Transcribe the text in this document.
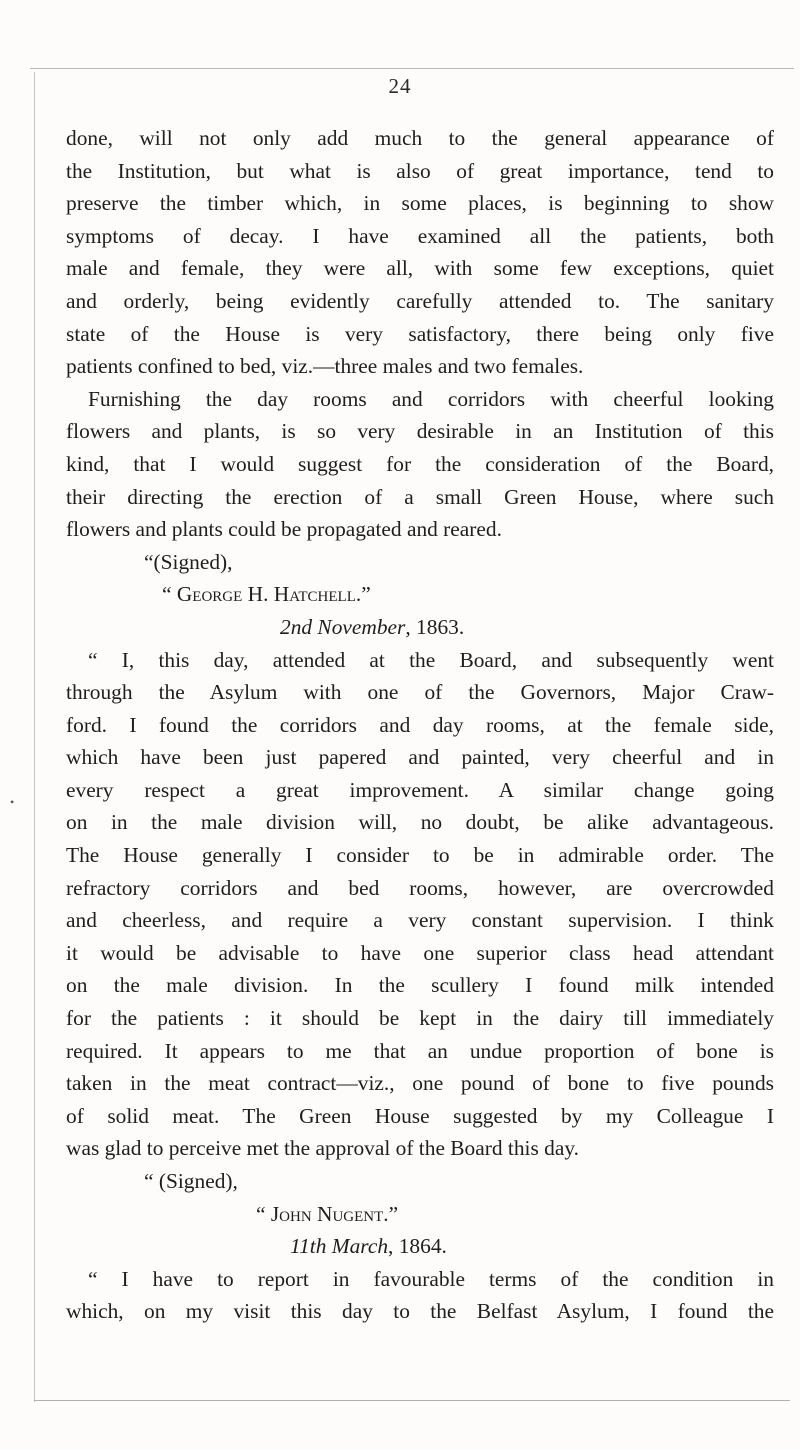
24
•
done, will not only add much to the general appearance of
the Institution, but what is also of great importance, tend to
preserve the timber which, in some places, is beginning to show
symptoms of decay. I have examined all the patients, both
male and female, they were all, with some few exceptions, quiet
and orderly, being evidently carefully attended to. The sanitary
state of the House is very satisfactory, there being only five
patients confined to bed, viz.—three males and two females.
Furnishing the day rooms and corridors with cheerful looking
flowers and plants, is so very desirable in an Institution of this
kind, that I would suggest for the consideration of the Board,
their directing the erection of a small Green House, where such
flowers and plants could be propagated and reared.
“(Signed),
“ George H. Hatchell.”
2nd November, 1863.
“ I, this day, attended at the Board, and subsequently went
through the Asylum with one of the Governors, Major Craw-
ford. I found the corridors and day rooms, at the female side,
which have been just papered and painted, very cheerful and in
every respect a great improvement. A similar change going
on in the male division will, no doubt, be alike advantageous.
The House generally I consider to be in admirable order. The
refractory corridors and bed rooms, however, are overcrowded
and cheerless, and require a very constant supervision. I think
it would be advisable to have one superior class head attendant
on the male division. In the scullery I found milk intended
for the patients : it should be kept in the dairy till immediately
required. It appears to me that an undue proportion of bone is
taken in the meat contract—viz., one pound of bone to five pounds
of solid meat. The Green House suggested by my Colleague I
was glad to perceive met the approval of the Board this day.
“ (Signed),
“ John Nugent.”
11th March, 1864.
“ I have to report in favourable terms of the condition in
which, on my visit this day to the Belfast Asylum, I found the
